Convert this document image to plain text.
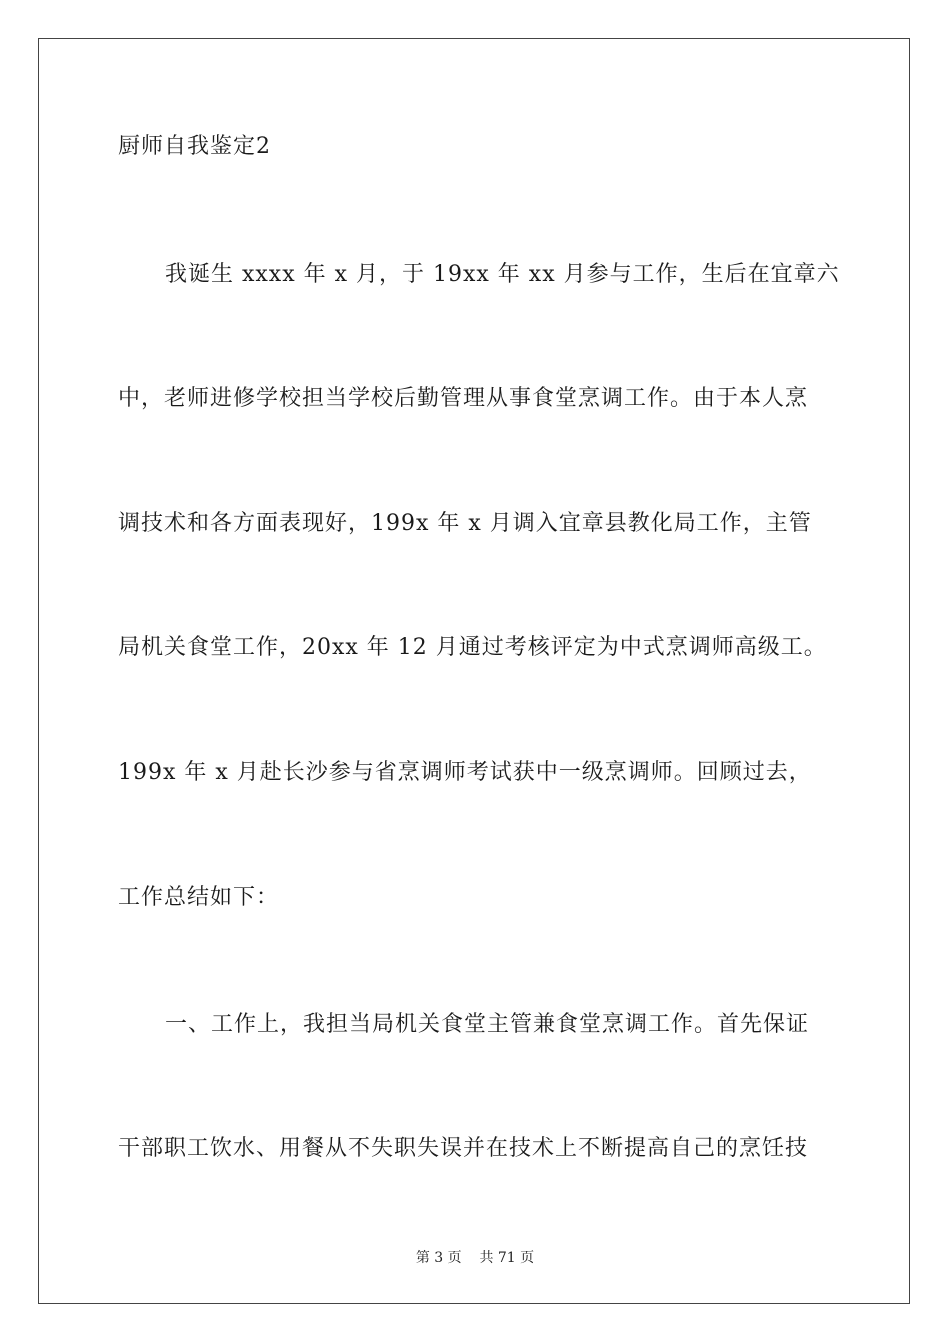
厨师自我鉴定2
我诞生 xxxx 年 x 月，于 19xx 年 xx 月参与工作，生后在宜章六
中，老师进修学校担当学校后勤管理从事食堂烹调工作。由于本人烹
调技术和各方面表现好，199x 年 x 月调入宜章县教化局工作，主管
局机关食堂工作，20xx 年 12 月通过考核评定为中式烹调师高级工。
199x 年 x 月赴长沙参与省烹调师考试获中一级烹调师。回顾过去，
工作总结如下：
一、工作上，我担当局机关食堂主管兼食堂烹调工作。首先保证
干部职工饮水、用餐从不失职失误并在技术上不断提高自己的烹饪技
第 3 页 共 71 页
